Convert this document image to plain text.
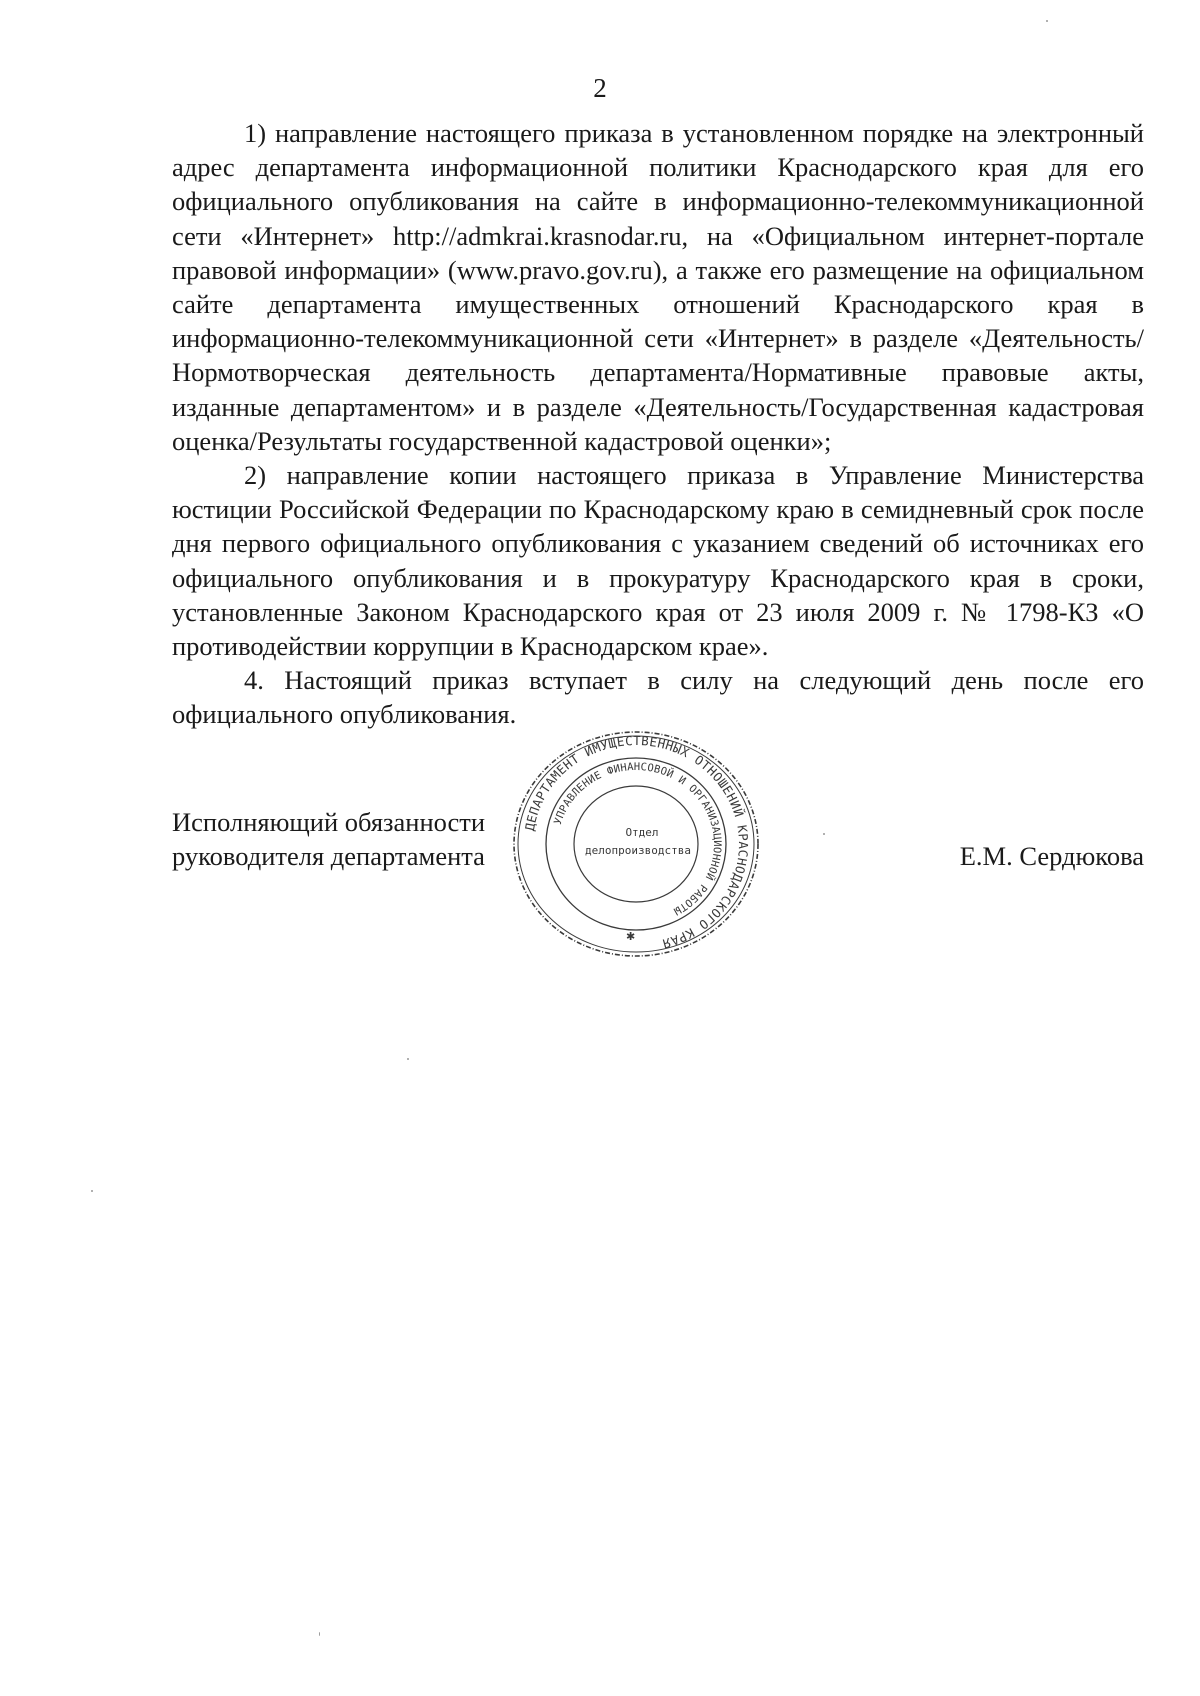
2

1) направление настоящего приказа в установленном порядке на электронный адрес департамента информационной политики Краснодарского края для его официального опубликования на сайте в информационно-телекоммуникационной сети «Интернет» http://admkrai.krasnodar.ru, на «Официальном интернет-портале правовой информации» (www.pravo.gov.ru), а также его размещение на официальном сайте департамента имущественных отношений Краснодарского края в информационно-телекоммуникационной сети «Интернет» в разделе «Деятельность/Нормотворческая деятельность департамента/Нормативные правовые акты, изданные департаментом» и в разделе «Деятельность/Государственная кадастровая оценка/Результаты государственной кадастровой оценки»;

2) направление копии настоящего приказа в Управление Министерства юстиции Российской Федерации по Краснодарскому краю в семидневный срок после дня первого официального опубликования с указанием сведений об источниках его официального опубликования и в прокуратуру Краснодарского края в сроки, установленные Законом Краснодарского края от 23 июля 2009 г. № 1798-КЗ «О противодействии коррупции в Краснодарском крае».

4. Настоящий приказ вступает в силу на следующий день после его официального опубликования.

Исполняющий обязанности
руководителя департамента	Е.М. Сердюкова
ДЕПАРТАМЕНТ ИМУЩЕСТВЕННЫХ ОТНОШЕНИЙ КРАСНОДАРСКОГО КРАЯ
УПРАВЛЕНИЕ ФИНАНСОВОЙ И ОРГАНИЗАЦИОННОЙ РАБОТЫ
Отдел
делопроизводства
✱
